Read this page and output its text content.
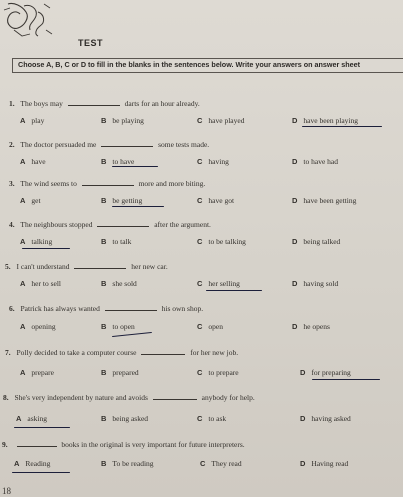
TEST
Choose A, B, C or D to fill in the blanks in the sentences below. Write your answers on answer sheet
1. The boys may	darts for an hour already.
A play	B be playing	C have played	D have been playing
2. The doctor persuaded me	some tests made.
A have	B to have	C having	D to have had
3. The wind seems to	more and more biting.
A get	B be getting	C have got	D have been getting
4. The neighbours stopped	after the argument.
A talking	B to talk	C to be talking	D being talked
5. I can't understand	her new car.
A her to sell	B she sold	C her selling	D having sold
6. Patrick has always wanted	his own shop.
A opening	B to open	C open	D he opens
7. Polly decided to take a computer course	for her new job.
A prepare	B prepared	C to prepare	D for preparing
8. She's very independent by nature and avoids	anybody for help.
A asking	B being asked	C to ask	D having asked
9.	books in the original is very important for future interpreters.
A Reading	B To be reading	C They read	D Having read
18
